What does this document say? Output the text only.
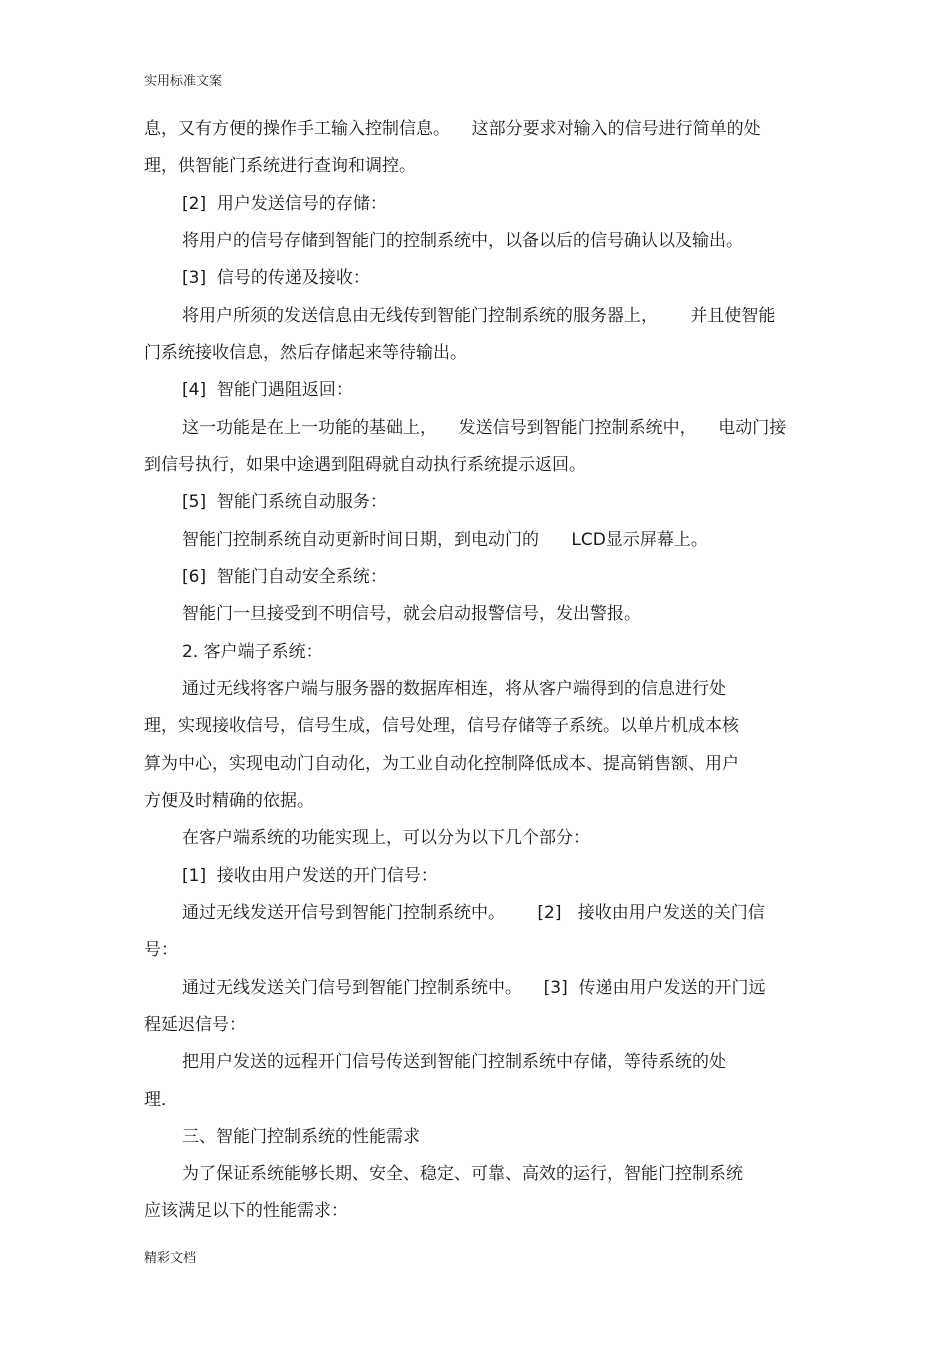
实用标准文案
息，又有方便的操作手工输入控制信息。    这部分要求对输入的信号进行简单的处
理，供智能门系统进行查询和调控。
[2]  用户发送信号的存储：
将用户的信号存储到智能门的控制系统中，以备以后的信号确认以及输出。
[3]  信号的传递及接收：
将用户所须的发送信息由无线传到智能门控制系统的服务器上，      并且使智能
门系统接收信息，然后存储起来等待输出。
[4]  智能门遇阻返回：
这一功能是在上一功能的基础上，    发送信号到智能门控制系统中，    电动门接
到信号执行，如果中途遇到阻碍就自动执行系统提示返回。
[5]  智能门系统自动服务：
智能门控制系统自动更新时间日期，到电动门的      LCD显示屏幕上。
[6]  智能门自动安全系统：
智能门一旦接受到不明信号，就会启动报警信号，发出警报。
2. 客户端子系统：
通过无线将客户端与服务器的数据库相连，将从客户端得到的信息进行处
理，实现接收信号，信号生成，信号处理，信号存储等子系统。以单片机成本核
算为中心，实现电动门自动化，为工业自动化控制降低成本、提高销售额、用户
方便及时精确的依据。
在客户端系统的功能实现上，可以分为以下几个部分：
[1]  接收由用户发送的开门信号：
通过无线发送开信号到智能门控制系统中。      [2]   接收由用户发送的关门信
号：
通过无线发送关门信号到智能门控制系统中。    [3]  传递由用户发送的开门远
程延迟信号：
把用户发送的远程开门信号传送到智能门控制系统中存储，等待系统的处
理．
三、智能门控制系统的性能需求
为了保证系统能够长期、安全、稳定、可靠、高效的运行，智能门控制系统
应该满足以下的性能需求：
精彩文档
